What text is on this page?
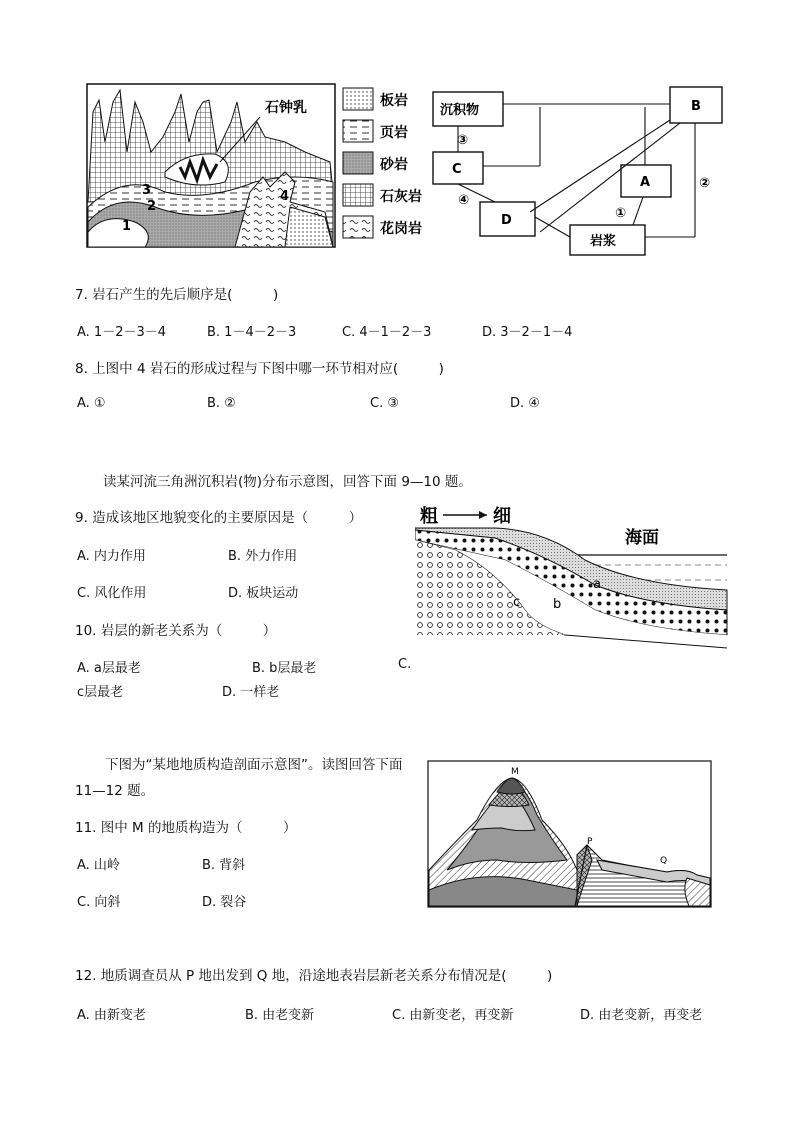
石钟乳
1
2
3	4
板岩
页岩
砂岩
石灰岩
花岗岩
沉积物	B
C
A
D
岩浆
③
④
①
②
7. 岩石产生的先后顺序是(　　　)
A. 1－2－3－4	B. 1－4－2－3	C. 4－1－2－3	D. 3－2－1－4
8. 上图中 4 岩石的形成过程与下图中哪一环节相对应(　　　)
A. ①	B. ②	C. ③	D. ④
读某河流三角洲沉积岩(物)分布示意图，回答下面 9—10 题。
9. 造成该地区地貌变化的主要原因是（　　　）
A. 内力作用	B. 外力作用
C. 风化作用	D. 板块运动
10. 岩层的新老关系为（　　　）
A. a层最老	B. b层最老	C.
c层最老	D. 一样老
粗	细
海面
a
b
c
下图为“某地地质构造剖面示意图”。读图回答下面
11—12 题。
11. 图中 M 的地质构造为（　　　）
A. 山岭	B. 背斜
C. 向斜	D. 裂谷
M
P
Q
12. 地质调查员从 P 地出发到 Q 地，沿途地表岩层新老关系分布情况是(　　　)
A. 由新变老	B. 由老变新	C. 由新变老，再变新	D. 由老变新，再变老
